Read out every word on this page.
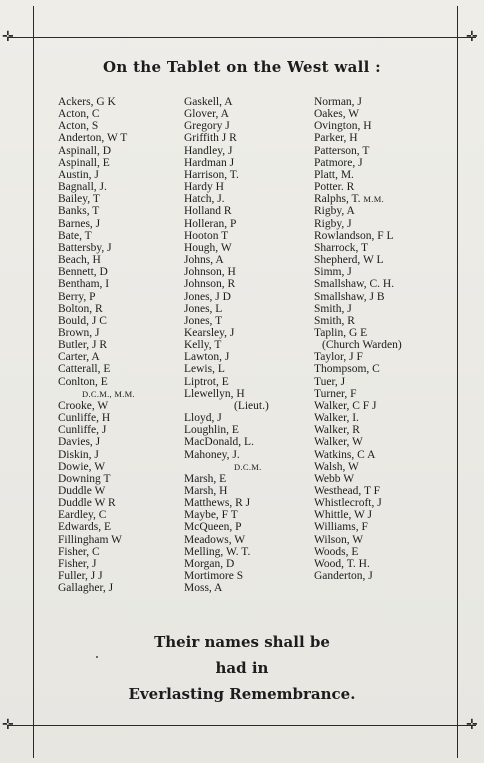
✛	✛
✛	✛
On the Tablet on the West wall :
Ackers, G K
Acton, C
Acton, S
Anderton, W T
Aspinall, D
Aspinall, E
Austin, J
Bagnall, J.
Bailey, T
Banks, T
Barnes, J
Bate, T
Battersby, J
Beach, H
Bennett, D
Bentham, I
Berry, P
Bolton, R
Bould, J C
Brown, J
Butler, J R
Carter, A
Catterall, E
Conlton, E
D.C.M., M.M.
Crooke, W
Cunliffe, H
Cunliffe, J
Davies, J
Diskin, J
Dowie, W
Downing T
Duddle W
Duddle W R
Eardley, C
Edwards, E
Fillingham W
Fisher, C
Fisher, J
Fuller, J J
Gallagher, J
Gaskell, A
Glover, A
Gregory J
Griffith J R
Handley, J
Hardman J
Harrison, T.
Hardy H
Hatch, J.
Holland R
Holleran, P
Hooton T
Hough, W
Johns, A
Johnson, H
Johnson, R
Jones, J D
Jones, L
Jones, T
Kearsley, J
Kelly, T
Lawton, J
Lewis, L
Liptrot, E
Llewellyn, H
(Lieut.)
Lloyd, J
Loughlin, E
MacDonald, L.
Mahoney, J.
D.C.M.
Marsh, E
Marsh, H
Matthews, R J
Maybe, F T
McQueen, P
Meadows, W
Melling, W. T.
Morgan, D
Mortimore S
Moss, A
Norman, J
Oakes, W
Ovington, H
Parker, H
Patterson, T
Patmore, J
Platt, M.
Potter. R
Ralphs, T. M.M.
Rigby, A
Rigby, J
Rowlandson, F L
Sharrock, T
Shepherd, W L
Simm, J
Smallshaw, C. H.
Smallshaw, J B
Smith, J
Smith, R
Taplin, G E
(Church Warden)
Taylor, J F
Thompsom, C
Tuer, J
Turner, F
Walker, C F J
Walker, I.
Walker, R
Walker, W
Watkins, C A
Walsh, W
Webb W
Westhead, T F
Whistlecroft, J
Whittle, W J
Williams, F
Wilson, W
Woods, E
Wood, T. H.
Ganderton, J
Their names shall be
had in
Everlasting Remembrance.
